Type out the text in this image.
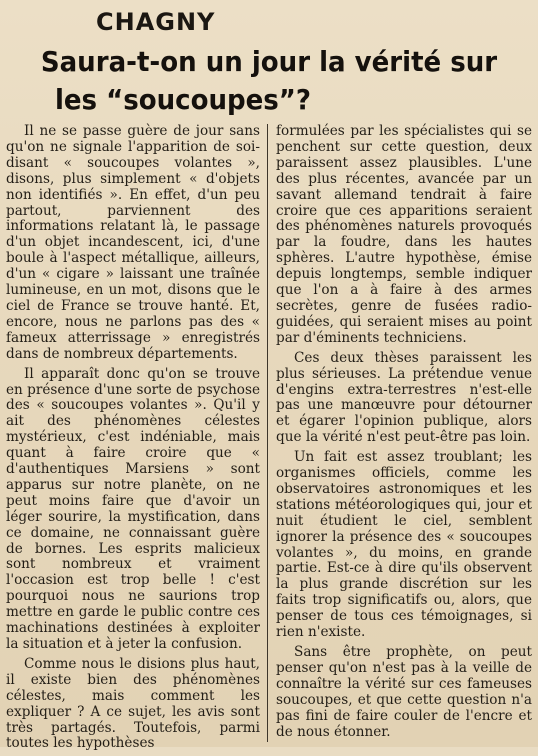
CHAGNY
Saura-t-on un jour la vérité sur
les “soucoupes”?

Il ne se passe guère de jour sans qu'on ne signale l'apparition de soi-disant « soucoupes volantes », disons, plus simplement « d'objets non identifiés ». En effet, d'un peu partout, parviennent des informations relatant là, le passage d'un objet incandescent, ici, d'une boule à l'aspect métallique, ailleurs, d'un « cigare » laissant une traînée lumineuse, en un mot, disons que le ciel de France se trouve hanté. Et, encore, nous ne parlons pas des « fameux atterrissage » enregistrés dans de nombreux départements.

Il apparaît donc qu'on se trouve en présence d'une sorte de psychose des « soucoupes volantes ». Qu'il y ait des phénomènes célestes mystérieux, c'est indéniable, mais quant à faire croire que « d'authentiques Marsiens » sont apparus sur notre planète, on ne peut moins faire que d'avoir un léger sourire, la mystification, dans ce domaine, ne connaissant guère de bornes. Les esprits malicieux sont nombreux et vraiment l'occasion est trop belle ! c'est pourquoi nous ne saurions trop mettre en garde le public contre ces machinations destinées à exploiter la situation et à jeter la confusion.

Comme nous le disions plus haut, il existe bien des phénomènes célestes, mais comment les expliquer ? A ce sujet, les avis sont très partagés. Toutefois, parmi toutes les hypothèses

formulées par les spécialistes qui se penchent sur cette question, deux paraissent assez plausibles. L'une des plus récentes, avancée par un savant allemand tendrait à faire croire que ces apparitions seraient des phénomènes naturels provoqués par la foudre, dans les hautes sphères. L'autre hypothèse, émise depuis longtemps, semble indiquer que l'on a à faire à des armes secrètes, genre de fusées radio-guidées, qui seraient mises au point par d'éminents techniciens.

Ces deux thèses paraissent les plus sérieuses. La prétendue venue d'engins extra-terrestres n'est-elle pas une manœuvre pour détourner et égarer l'opinion publique, alors que la vérité n'est peut-être pas loin.

Un fait est assez troublant; les organismes officiels, comme les observatoires astronomiques et les stations météorologiques qui, jour et nuit étudient le ciel, semblent ignorer la présence des « soucoupes volantes », du moins, en grande partie. Est-ce à dire qu'ils observent la plus grande discrétion sur les faits trop significatifs ou, alors, que penser de tous ces témoignages, si rien n'existe.

Sans être prophète, on peut penser qu'on n'est pas à la veille de connaître la vérité sur ces fameuses soucoupes, et que cette question n'a pas fini de faire couler de l'encre et de nous étonner.
